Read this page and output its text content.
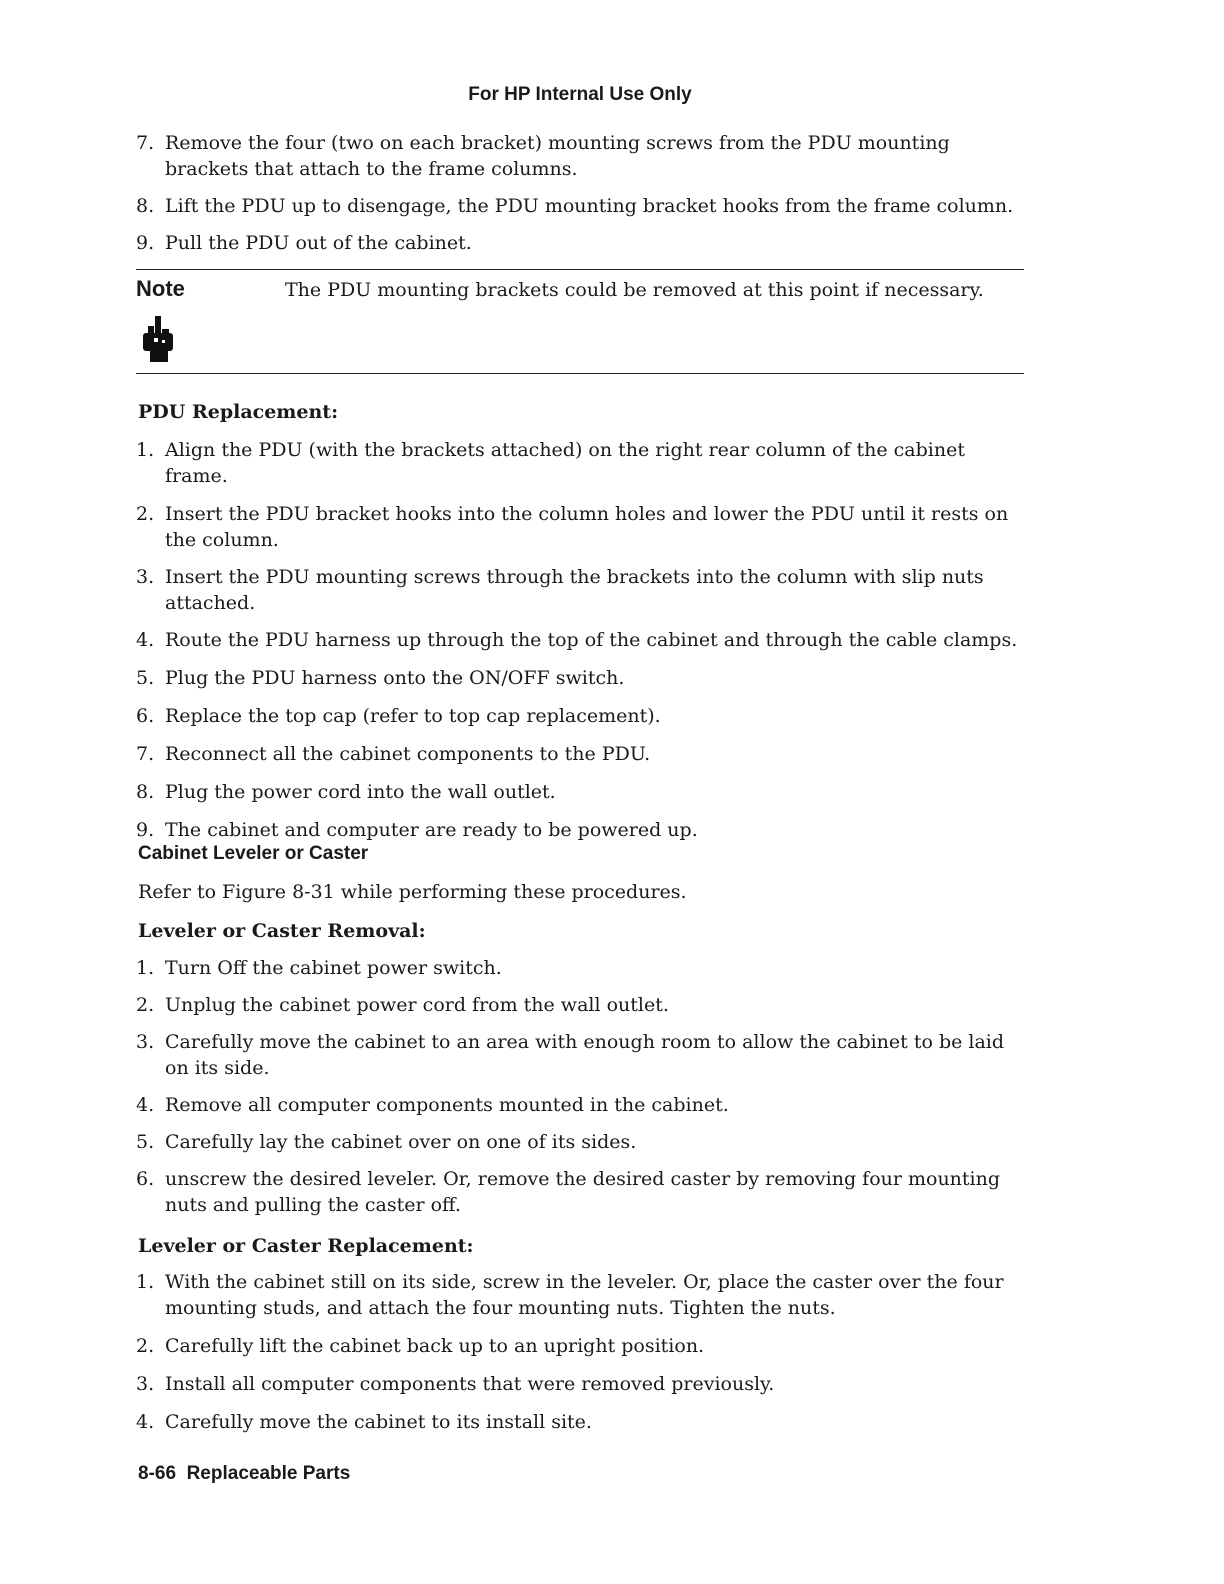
For HP Internal Use Only
7. Remove the four (two on each bracket) mounting screws from the PDU mounting brackets that attach to the frame columns.
8. Lift the PDU up to disengage, the PDU mounting bracket hooks from the frame column.
9. Pull the PDU out of the cabinet.
Note	The PDU mounting brackets could be removed at this point if necessary.
PDU Replacement:
1. Align the PDU (with the brackets attached) on the right rear column of the cabinet frame.
2. Insert the PDU bracket hooks into the column holes and lower the PDU until it rests on the column.
3. Insert the PDU mounting screws through the brackets into the column with slip nuts attached.
4. Route the PDU harness up through the top of the cabinet and through the cable clamps.
5. Plug the PDU harness onto the ON/OFF switch.
6. Replace the top cap (refer to top cap replacement).
7. Reconnect all the cabinet components to the PDU.
8. Plug the power cord into the wall outlet.
9. The cabinet and computer are ready to be powered up.
Cabinet Leveler or Caster
Refer to Figure 8-31 while performing these procedures.
Leveler or Caster Removal:
1. Turn Off the cabinet power switch.
2. Unplug the cabinet power cord from the wall outlet.
3. Carefully move the cabinet to an area with enough room to allow the cabinet to be laid on its side.
4. Remove all computer components mounted in the cabinet.
5. Carefully lay the cabinet over on one of its sides.
6. unscrew the desired leveler. Or, remove the desired caster by removing four mounting nuts and pulling the caster off.
Leveler or Caster Replacement:
1. With the cabinet still on its side, screw in the leveler. Or, place the caster over the four mounting studs, and attach the four mounting nuts. Tighten the nuts.
2. Carefully lift the cabinet back up to an upright position.
3. Install all computer components that were removed previously.
4. Carefully move the cabinet to its install site.
8-66  Replaceable Parts
